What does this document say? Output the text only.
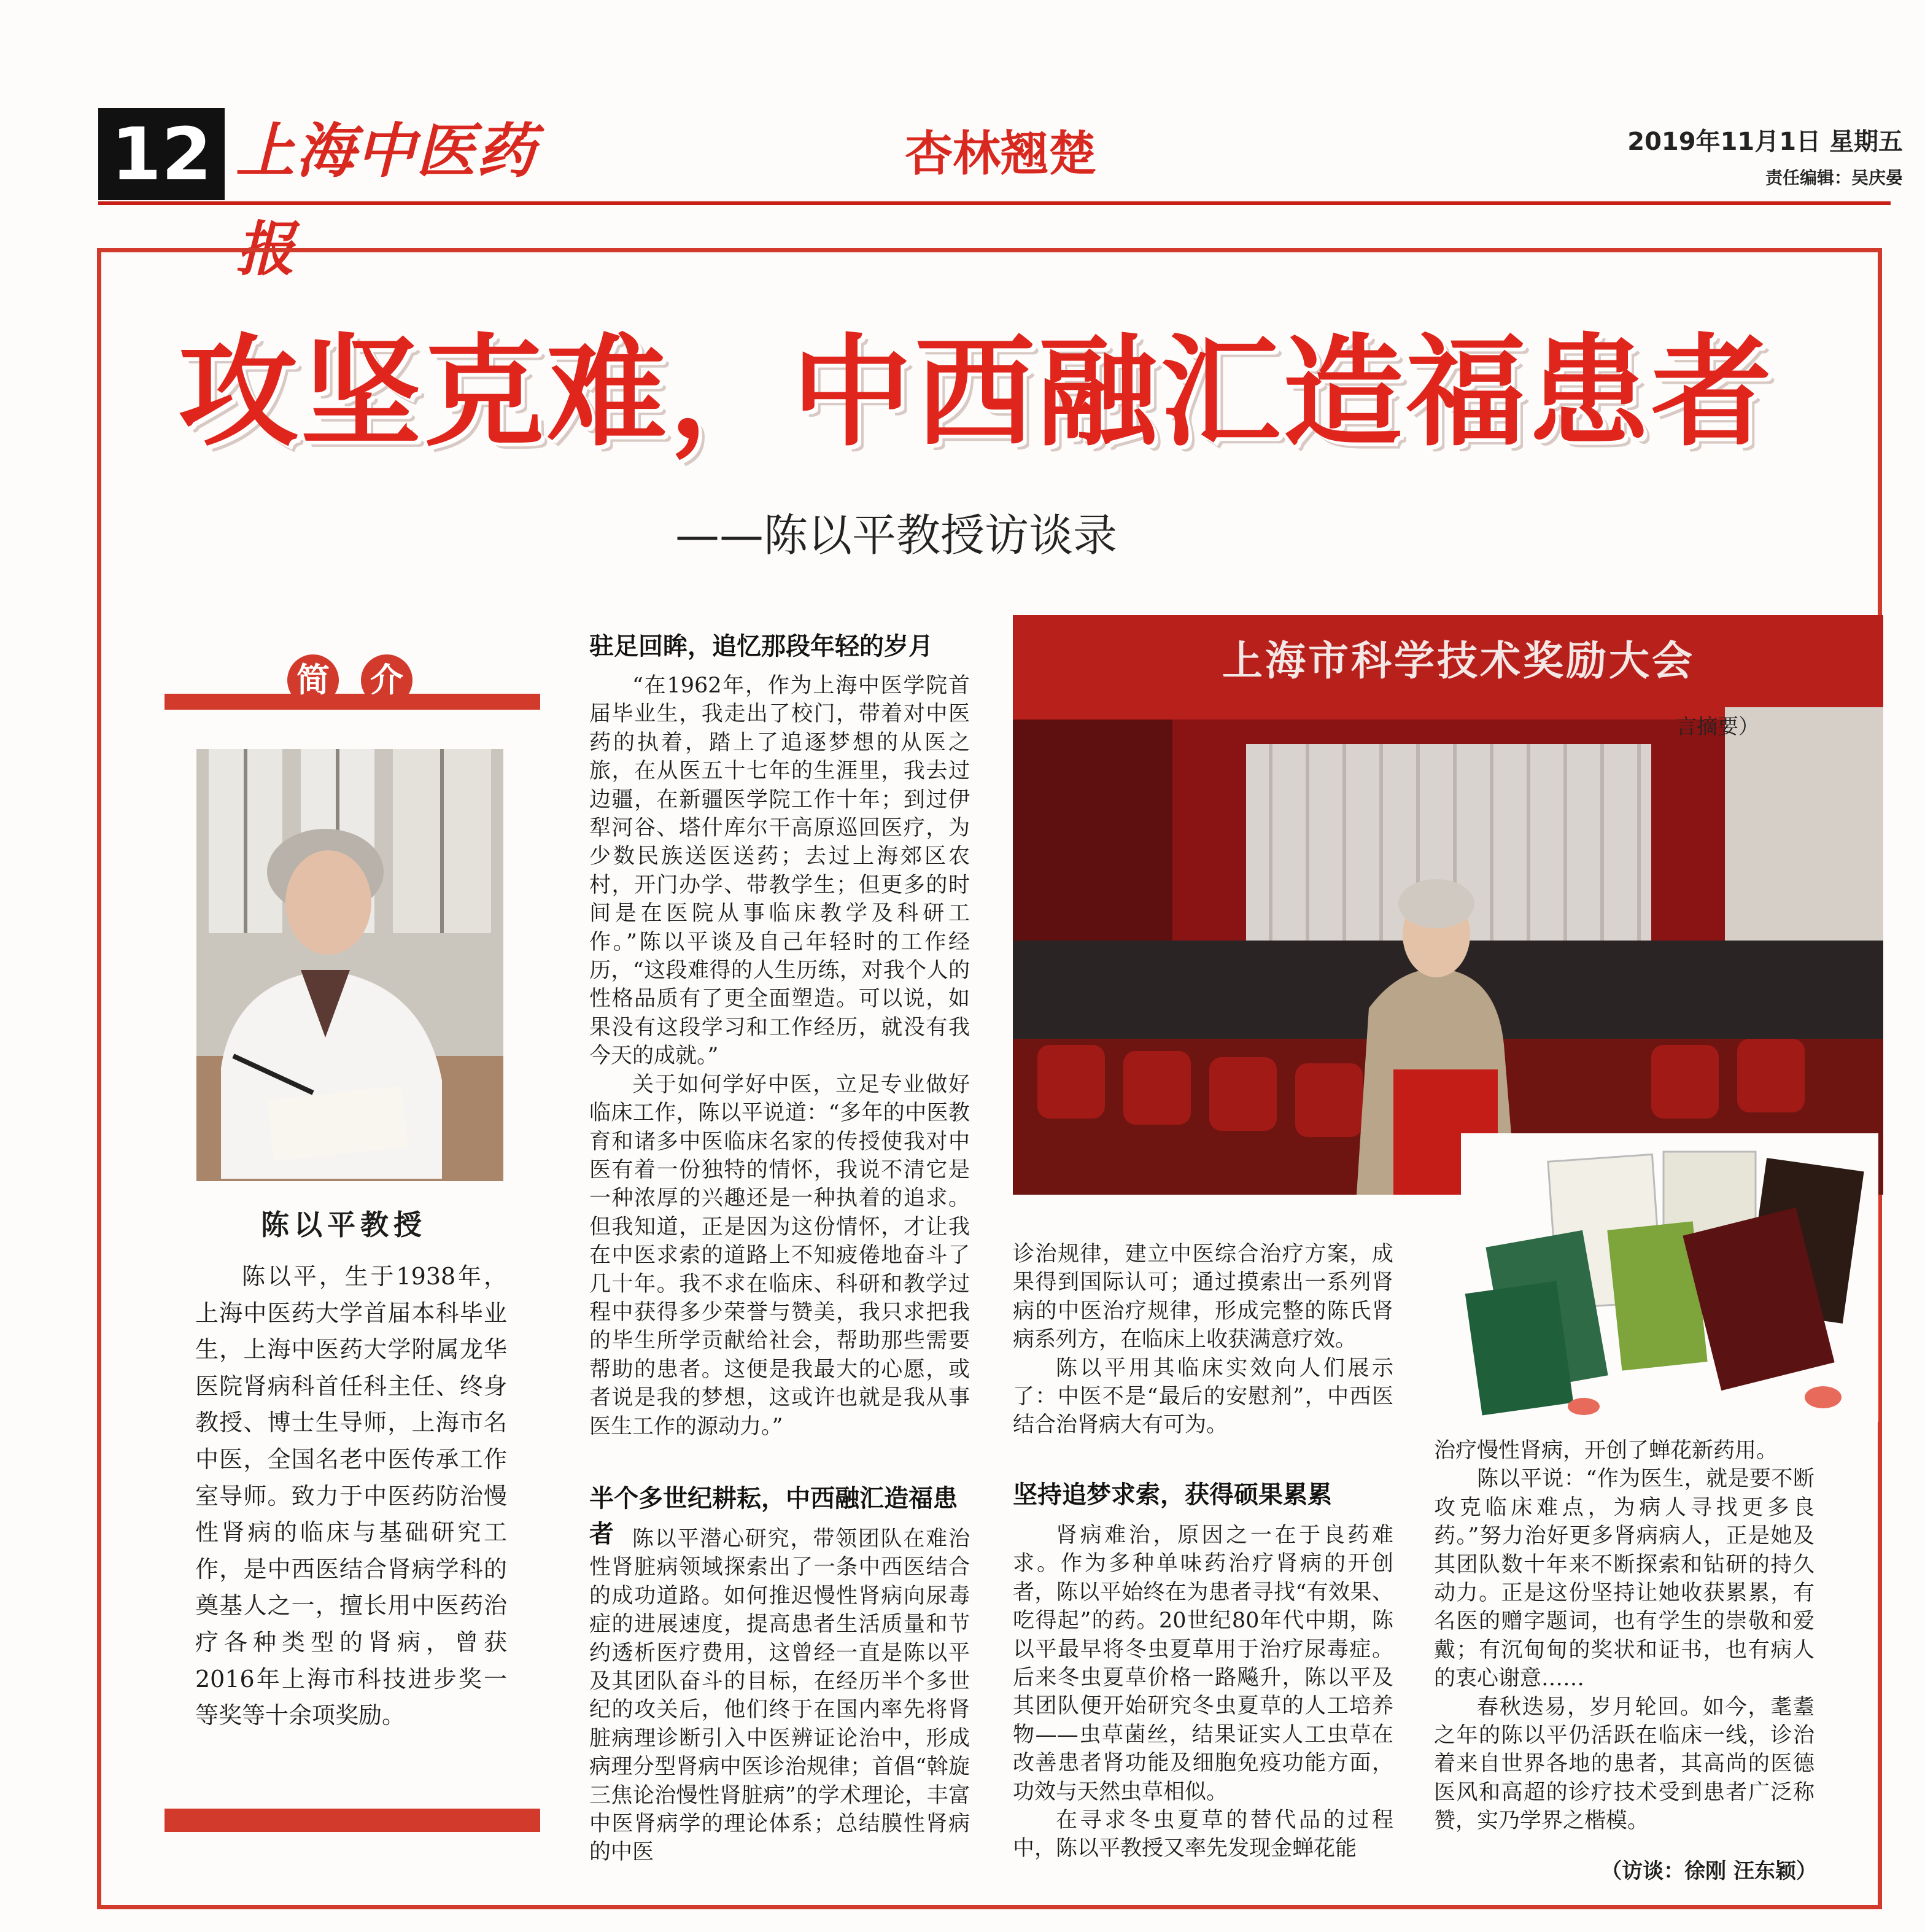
12 上海中医药报
杏林翘楚	2019年11月1日 星期五
责任编辑：吴庆晏
攻坚克难，中西融汇造福患者
——陈以平教授访谈录
简 介
陈以平教授

陈以平，生于1938年，上海中医药大学首届本科毕业生，上海中医药大学附属龙华医院肾病科首任科主任、终身教授、博士生导师，上海市名中医，全国名老中医传承工作室导师。致力于中医药防治慢性肾病的临床与基础研究工作，是中西医结合肾病学科的奠基人之一，擅长用中医药治疗各种类型的肾病，曾获2016年上海市科技进步奖一等奖等十余项奖励。

驻足回眸，追忆那段年轻的岁月

“在1962年，作为上海中医学院首届毕业生，我走出了校门，带着对中医药的执着，踏上了追逐梦想的从医之旅，在从医五十七年的生涯里，我去过边疆，在新疆医学院工作十年；到过伊犁河谷、塔什库尔干高原巡回医疗，为少数民族送医送药；去过上海郊区农村，开门办学、带教学生；但更多的时间是在医院从事临床教学及科研工作。”陈以平谈及自己年轻时的工作经历，“这段难得的人生历练，对我个人的性格品质有了更全面塑造。可以说，如果没有这段学习和工作经历，就没有我今天的成就。”

关于如何学好中医，立足专业做好临床工作，陈以平说道：“多年的中医教育和诸多中医临床名家的传授使我对中医有着一份独特的情怀，我说不清它是一种浓厚的兴趣还是一种执着的追求。但我知道，正是因为这份情怀，才让我在中医求索的道路上不知疲倦地奋斗了几十年。我不求在临床、科研和教学过程中获得多少荣誉与赞美，我只求把我的毕生所学贡献给社会，帮助那些需要帮助的患者。这便是我最大的心愿，或者说是我的梦想，这或许也就是我从事医生工作的源动力。”

半个多世纪耕耘，中西融汇造福患者 陈以平潜心研究，带领团队在难治性肾脏病领域探索出了一条中西医结合的成功道路。如何推迟慢性肾病向尿毒症的进展速度，提高患者生活质量和节约透析医疗费用，这曾经一直是陈以平及其团队奋斗的目标，在经历半个多世纪的攻关后，他们终于在国内率先将肾脏病理诊断引入中医辨证论治中，形成病理分型肾病中医诊治规律；首倡“斡旋三焦论治慢性肾脏病”的学术理论，丰富中医肾病学的理论体系；总结膜性肾病的中医

上海市科学技术奖励大会
言摘要）

诊治规律，建立中医综合治疗方案，成果得到国际认可；通过摸索出一系列肾病的中医治疗规律，形成完整的陈氏肾病系列方，在临床上收获满意疗效。

陈以平用其临床实效向人们展示了：中医不是“最后的安慰剂”，中西医结合治肾病大有可为。

坚持追梦求索，获得硕果累累

肾病难治，原因之一在于良药难求。作为多种单味药治疗肾病的开创者，陈以平始终在为患者寻找“有效果、吃得起”的药。20世纪80年代中期，陈以平最早将冬虫夏草用于治疗尿毒症。后来冬虫夏草价格一路飚升，陈以平及其团队便开始研究冬虫夏草的人工培养物——虫草菌丝，结果证实人工虫草在改善患者肾功能及细胞免疫功能方面，功效与天然虫草相似。

在寻求冬虫夏草的替代品的过程中，陈以平教授又率先发现金蝉花能

治疗慢性肾病，开创了蝉花新药用。

陈以平说：“作为医生，就是要不断攻克临床难点，为病人寻找更多良药。”努力治好更多肾病病人，正是她及其团队数十年来不断探索和钻研的持久动力。正是这份坚持让她收获累累，有名医的赠字题词，也有学生的崇敬和爱戴；有沉甸甸的奖状和证书，也有病人的衷心谢意……

春秋迭易，岁月轮回。如今，耄耋之年的陈以平仍活跃在临床一线，诊治着来自世界各地的患者，其高尚的医德医风和高超的诊疗技术受到患者广泛称赞，实乃学界之楷模。

（访谈：徐刚 汪东颖）
